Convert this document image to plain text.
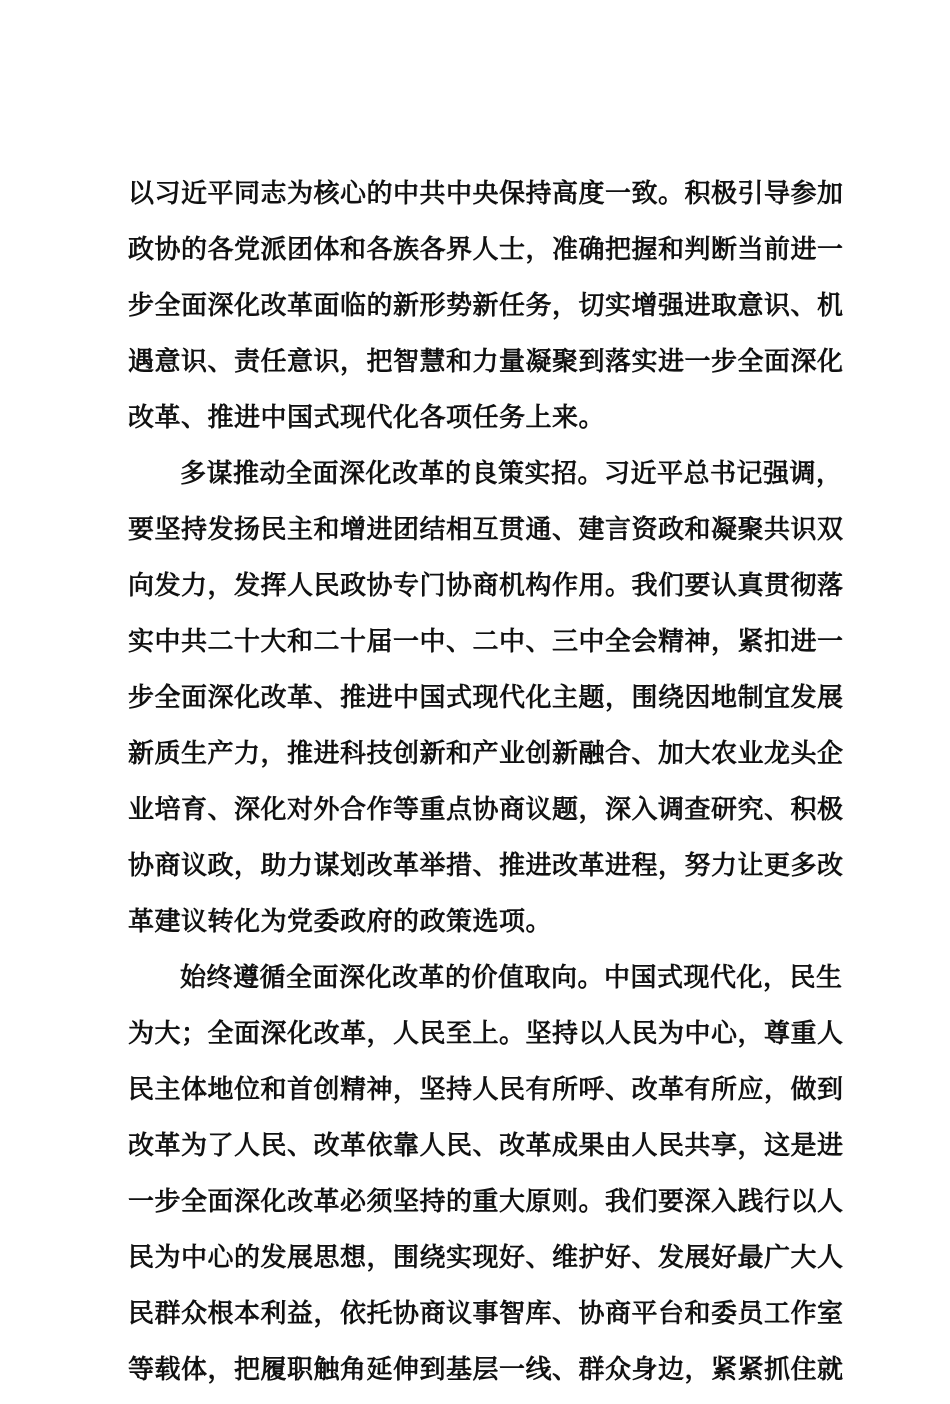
以习近平同志为核心的中共中央保持高度一致。积极引导参加
政协的各党派团体和各族各界人士，准确把握和判断当前进一
步全面深化改革面临的新形势新任务，切实增强进取意识、机
遇意识、责任意识，把智慧和力量凝聚到落实进一步全面深化
改革、推进中国式现代化各项任务上来。
多谋推动全面深化改革的良策实招。习近平总书记强调，
要坚持发扬民主和增进团结相互贯通、建言资政和凝聚共识双
向发力，发挥人民政协专门协商机构作用。我们要认真贯彻落
实中共二十大和二十届一中、二中、三中全会精神，紧扣进一
步全面深化改革、推进中国式现代化主题，围绕因地制宜发展
新质生产力，推进科技创新和产业创新融合、加大农业龙头企
业培育、深化对外合作等重点协商议题，深入调查研究、积极
协商议政，助力谋划改革举措、推进改革进程，努力让更多改
革建议转化为党委政府的政策选项。
始终遵循全面深化改革的价值取向。中国式现代化，民生
为大；全面深化改革，人民至上。坚持以人民为中心，尊重人
民主体地位和首创精神，坚持人民有所呼、改革有所应，做到
改革为了人民、改革依靠人民、改革成果由人民共享，这是进
一步全面深化改革必须坚持的重大原则。我们要深入践行以人
民为中心的发展思想，围绕实现好、维护好、发展好最广大人
民群众根本利益，依托协商议事智库、协商平台和委员工作室
等载体，把履职触角延伸到基层一线、群众身边，紧紧抓住就
